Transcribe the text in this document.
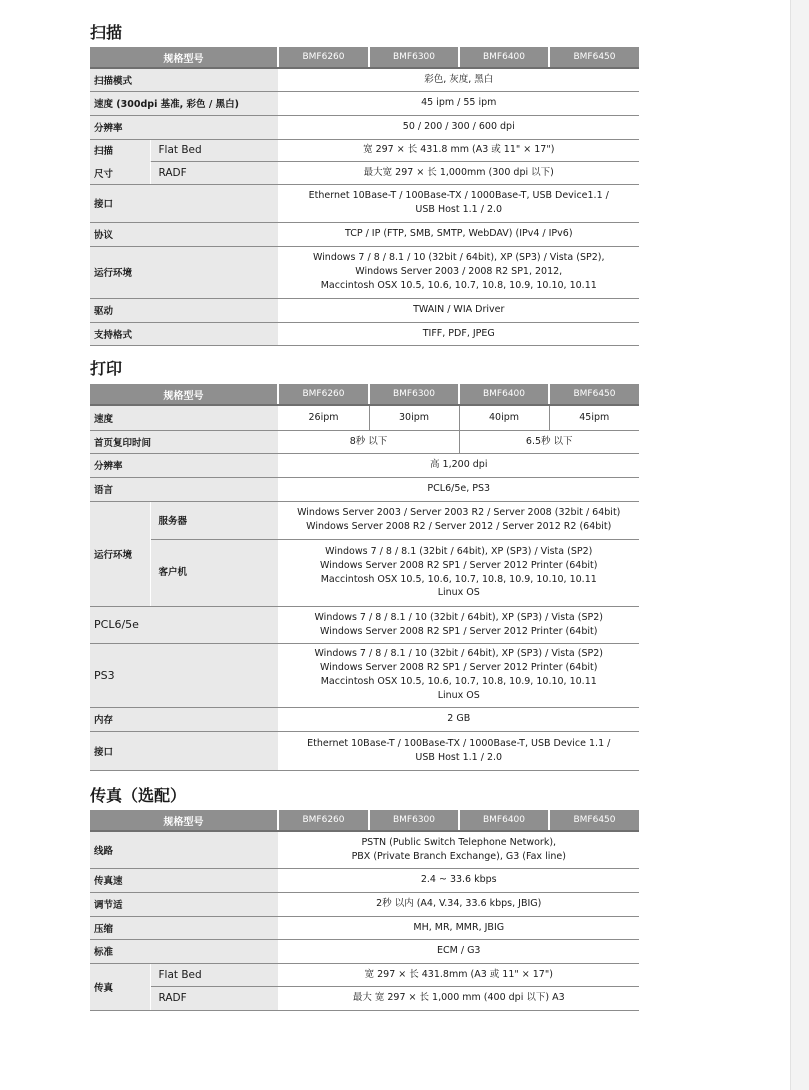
扫描
规格型号		BMF6260	BMF6300	BMF6400	BMF6450
扫描模式		彩色, 灰度, 黑白			
速度 (300dpi 基准, 彩色 / 黑白)		45 ipm / 55 ipm			
分辨率		50 / 200 / 300 / 600 dpi			
扫描	Flat Bed	宽 297 × 长 431.8 mm (A3 或 11" × 17")			
尺寸	RADF	最大宽 297 × 长 1,000mm (300 dpi 以下)			
接口		Ethernet 10Base-T / 100Base-TX / 1000Base-T, USB Device1.1 /
USB Host 1.1 / 2.0			

协议		TCP / IP (FTP, SMB, SMTP, WebDAV) (IPv4 / IPv6)			
运行环境		Windows 7 / 8 / 8.1 / 10 (32bit / 64bit), XP (SP3) / Vista (SP2),
Windows Server 2003 / 2008 R2 SP1, 2012,
Maccintosh OSX 10.5, 10.6, 10.7, 10.8, 10.9, 10.10, 10.11			

驱动		TWAIN / WIA Driver			
支持格式		TIFF, PDF, JPEG			
打印
规格型号		BMF6260	BMF6300	BMF6400	BMF6450
速度		26ipm	30ipm	40ipm	45ipm
首页复印时间		8秒 以下		6.5秒 以下	
分辨率		高 1,200 dpi			
语言		PCL6/5e, PS3			
运行环境	服务器	Windows Server 2003 / Server 2003 R2 / Server 2008 (32bit / 64bit)
Windows Server 2008 R2 / Server 2012 / Server 2012 R2 (64bit)			

	客户机	Windows 7 / 8 / 8.1 (32bit / 64bit), XP (SP3) / Vista (SP2)
Windows Server 2008 R2 SP1 / Server 2012 Printer (64bit)
Maccintosh OSX 10.5, 10.6, 10.7, 10.8, 10.9, 10.10, 10.11
Linux OS			

PCL6/5e		Windows 7 / 8 / 8.1 / 10 (32bit / 64bit), XP (SP3) / Vista (SP2)
Windows Server 2008 R2 SP1 / Server 2012 Printer (64bit)			

PS3		Windows 7 / 8 / 8.1 / 10 (32bit / 64bit), XP (SP3) / Vista (SP2)
Windows Server 2008 R2 SP1 / Server 2012 Printer (64bit)
Maccintosh OSX 10.5, 10.6, 10.7, 10.8, 10.9, 10.10, 10.11
Linux OS			

内存		2 GB			
接口		Ethernet 10Base-T / 100Base-TX / 1000Base-T, USB Device 1.1 /
USB Host 1.1 / 2.0			
传真（选配）
规格型号		BMF6260	BMF6300	BMF6400	BMF6450
线路		PSTN (Public Switch Telephone Network),
PBX (Private Branch Exchange), G3 (Fax line)			

传真速		2.4 ~ 33.6 kbps			
调节适		2秒 以内 (A4, V.34, 33.6 kbps, JBIG)			
压缩		MH, MR, MMR, JBIG			
标准		ECM / G3			
传真	Flat Bed	宽 297 × 长 431.8mm (A3 或 11" × 17")			
	RADF	最大 宽 297 × 长 1,000 mm (400 dpi 以下) A3			
